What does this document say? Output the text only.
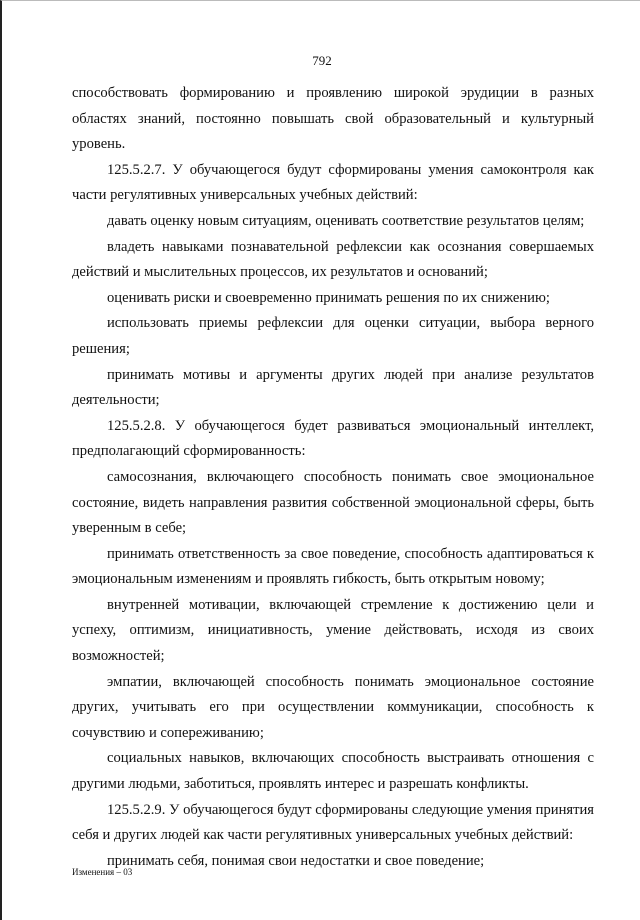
792

способствовать формированию и проявлению широкой эрудиции в разных областях знаний, постоянно повышать свой образовательный и культурный уровень.

125.5.2.7. У обучающегося будут сформированы умения самоконтроля как части регулятивных универсальных учебных действий:

давать оценку новым ситуациям, оценивать соответствие результатов целям;

владеть навыками познавательной рефлексии как осознания совершаемых действий и мыслительных процессов, их результатов и оснований;

оценивать риски и своевременно принимать решения по их снижению;

использовать приемы рефлексии для оценки ситуации, выбора верного решения;

принимать мотивы и аргументы других людей при анализе результатов деятельности;

125.5.2.8. У обучающегося будет развиваться эмоциональный интеллект, предполагающий сформированность:

самосознания, включающего способность понимать свое эмоциональное состояние, видеть направления развития собственной эмоциональной сферы, быть уверенным в себе;

принимать ответственность за свое поведение, способность адаптироваться к эмоциональным изменениям и проявлять гибкость, быть открытым новому;

внутренней мотивации, включающей стремление к достижению цели и успеху, оптимизм, инициативность, умение действовать, исходя из своих возможностей;

эмпатии, включающей способность понимать эмоциональное состояние других, учитывать его при осуществлении коммуникации, способность к сочувствию и сопереживанию;

социальных навыков, включающих способность выстраивать отношения с другими людьми, заботиться, проявлять интерес и разрешать конфликты.

125.5.2.9. У обучающегося будут сформированы следующие умения принятия себя и других людей как части регулятивных универсальных учебных действий:

принимать себя, понимая свои недостатки и свое поведение;

Изменения – 03
